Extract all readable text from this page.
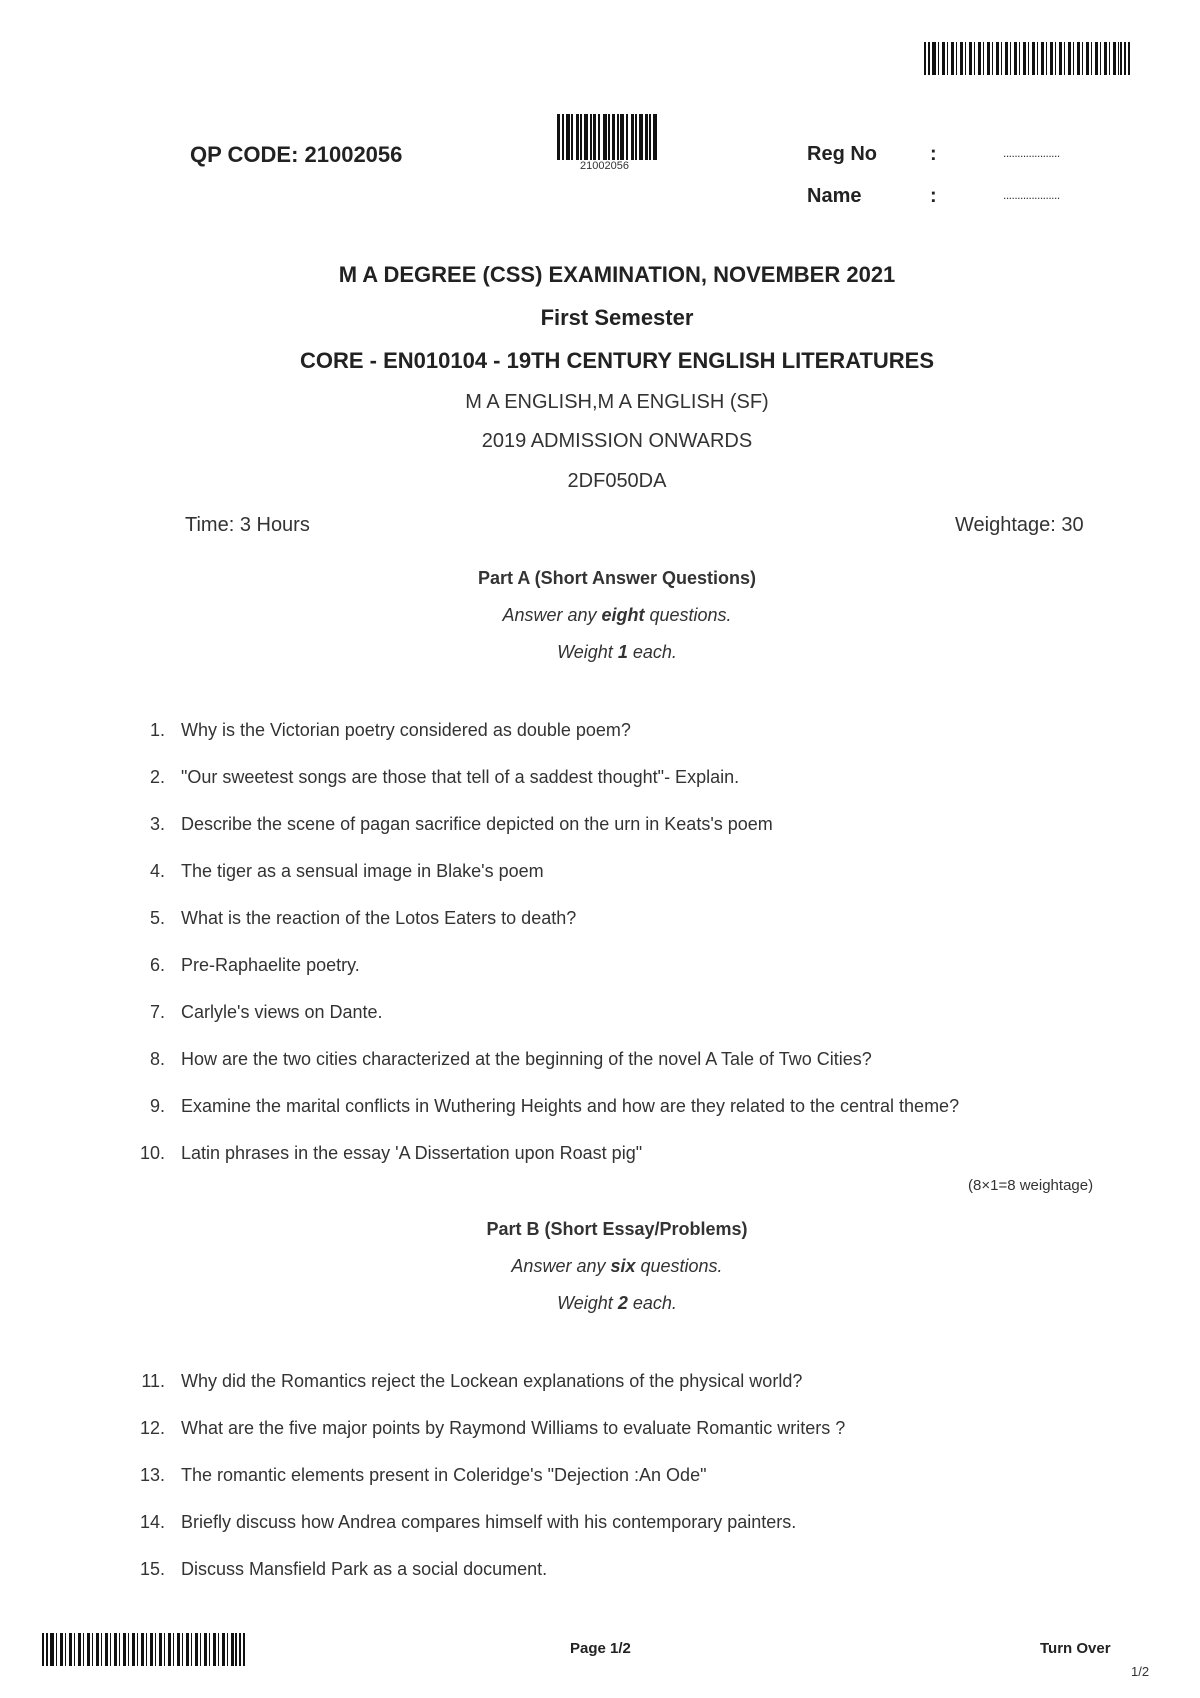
QP CODE: 21002056	21002056
Reg No	:	....................
Name	:	....................
M A DEGREE (CSS) EXAMINATION, NOVEMBER 2021
First Semester
CORE - EN010104 - 19TH CENTURY ENGLISH LITERATURES
M A ENGLISH,M A ENGLISH (SF)
2019 ADMISSION ONWARDS
2DF050DA
Time: 3 Hours	Weightage: 30
Part A (Short Answer Questions)
Answer any eight questions.
Weight 1 each.
1. Why is the Victorian poetry considered as double poem?
2. "Our sweetest songs are those that tell of a saddest thought"- Explain.
3. Describe the scene of pagan sacrifice depicted on the urn in Keats's poem
4. The tiger as a sensual image in Blake's poem
5. What is the reaction of the Lotos Eaters to death?
6. Pre-Raphaelite poetry.
7. Carlyle's views on Dante.
8. How are the two cities characterized at the beginning of the novel A Tale of Two Cities?
9. Examine the marital conflicts in Wuthering Heights and how are they related to the central theme?
10. Latin phrases in the essay 'A Dissertation upon Roast pig"
(8×1=8 weightage)
Part B (Short Essay/Problems)
Answer any six questions.
Weight 2 each.
11. Why did the Romantics reject the Lockean explanations of the physical world?
12. What are the five major points by Raymond Williams to evaluate Romantic writers ?
13. The romantic elements present in Coleridge's "Dejection :An Ode"
14. Briefly discuss how Andrea compares himself with his contemporary painters.
15. Discuss Mansfield Park as a social document.
Page 1/2	Turn Over
1/2
